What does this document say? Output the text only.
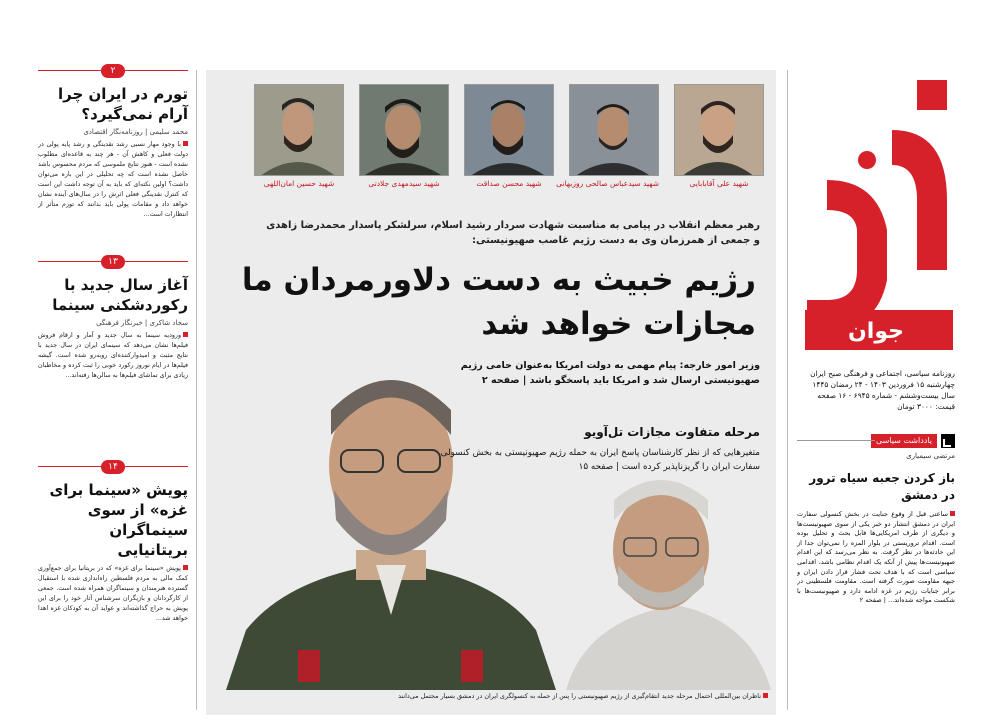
۲
تورم در ایران چرا آرام نمی‌گیرد؟
محمد سلیمی | روزنامه‌نگار اقتصادی
با وجود مهار نسبی رشد نقدینگی و رشد پایه پولی در دولت فعلی و کاهش آن - هر چند به قاعده‌ای مطلوب نشده است - هنوز نتایج ملموسی که مردم محسوس باشد حاصل نشده است که چه تحلیلی در این باره می‌توان داشت؟ اولین نکته‌ای که باید به آن توجه داشت این است که کنترل نقدینگی فعلی اثرش را در سال‌های آینده نشان خواهد داد و مقامات پولی باید بدانند که تورم متأثر از انتظارات است...
۱۳
آغاز سال جدید با رکوردشکنی سینما
سجاد شاکری | خبرنگار فرهنگی
ورودیه سینما به سال جدید و آمار و ارقام فروش فیلم‌ها نشان می‌دهد که سینمای ایران در سال جدید با نتایج مثبت و امیدوارکننده‌ای روبه‌رو شده است. گیشه فیلم‌ها در ایام نوروز رکورد خوبی را ثبت کرده و مخاطبان زیادی برای تماشای فیلم‌ها به سالن‌ها رفته‌اند...
۱۴
پویش «سینما برای غزه» از سوی سینماگران بریتانیایی
پویش «سینما برای غزه» که در بریتانیا برای جمع‌آوری کمک مالی به مردم فلسطین راه‌اندازی شده با استقبال گسترده هنرمندان و سینماگران همراه شده است. جمعی از کارگردانان و بازیگران سرشناس آثار خود را برای این پویش به حراج گذاشته‌اند و عواید آن به کودکان غزه اهدا خواهد شد...
شهید علی آقابابایی
شهید سیدعباس صالحی روزبهانی
شهید محسن صداقت
شهید سیدمهدی جلادتی
شهید حسین امان‌اللهی
رهبر معظم انقلاب در پیامی به مناسبت شهادت سردار رشید اسلام، سرلشکر پاسدار محمدرضا زاهدی
و جمعی از همرزمان وی به دست رژیم غاصب صهیونیستی:
رژیم خبیث به دست دلاورمردان ما
مجازات خواهد شد
وزیر امور خارجه: پیام مهمی به دولت امریکا به‌عنوان حامی رژیم صهیونیستی ارسال شد و امریکا باید پاسخگو باشد | صفحه ۲
مرحله متفاوت مجازات تل‌آویو
متغیرهایی که از نظر کارشناسان پاسخ ایران به حمله رژیم صهیونیستی به بخش کنسولی سفارت ایران را گریزناپذیر کرده است | صفحه ۱۵
ناظران بین‌المللی احتمال مرحله جدید انتقام‌گیری از رژیم صهیونیستی را پس از حمله به کنسولگری ایران در دمشق بسیار محتمل می‌دانند
جوان
روزنامه سیاسی، اجتماعی و فرهنگی صبح ایران
چهارشنبه ۱۵ فروردین ۱۴۰۳ - ۲۴ رمضان ۱۴۴۵
سال بیست‌وششم - شماره ۶۹۴۵ - ۱۶ صفحه
قیمت: ۳۰۰۰ تومان
یادداشت سیاسی
مرتضی سیمیاری
باز کردن جعبه سیاه ترور در دمشق
ساعتی قبل از وقوع جنایت در بخش کنسولی سفارت ایران در دمشق انتشار دو خبر یکی از سوی صهیونیست‌ها و دیگری از طرف امریکایی‌ها قابل بحث و تحلیل بوده است. اقدام تروریستی در بلوار المزه را نمی‌توان جدا از این حادثه‌ها در نظر گرفت. به نظر می‌رسد که این اقدام صهیونیست‌ها پیش از آنکه یک اقدام نظامی باشد، اقدامی سیاسی است که با هدف تحت فشار قرار دادن ایران و جبهه مقاومت صورت گرفته است. مقاومت فلسطینی در برابر جنایات رژیم در غزه ادامه دارد و صهیونیست‌ها با شکست مواجه شده‌اند... | صفحه ۲
